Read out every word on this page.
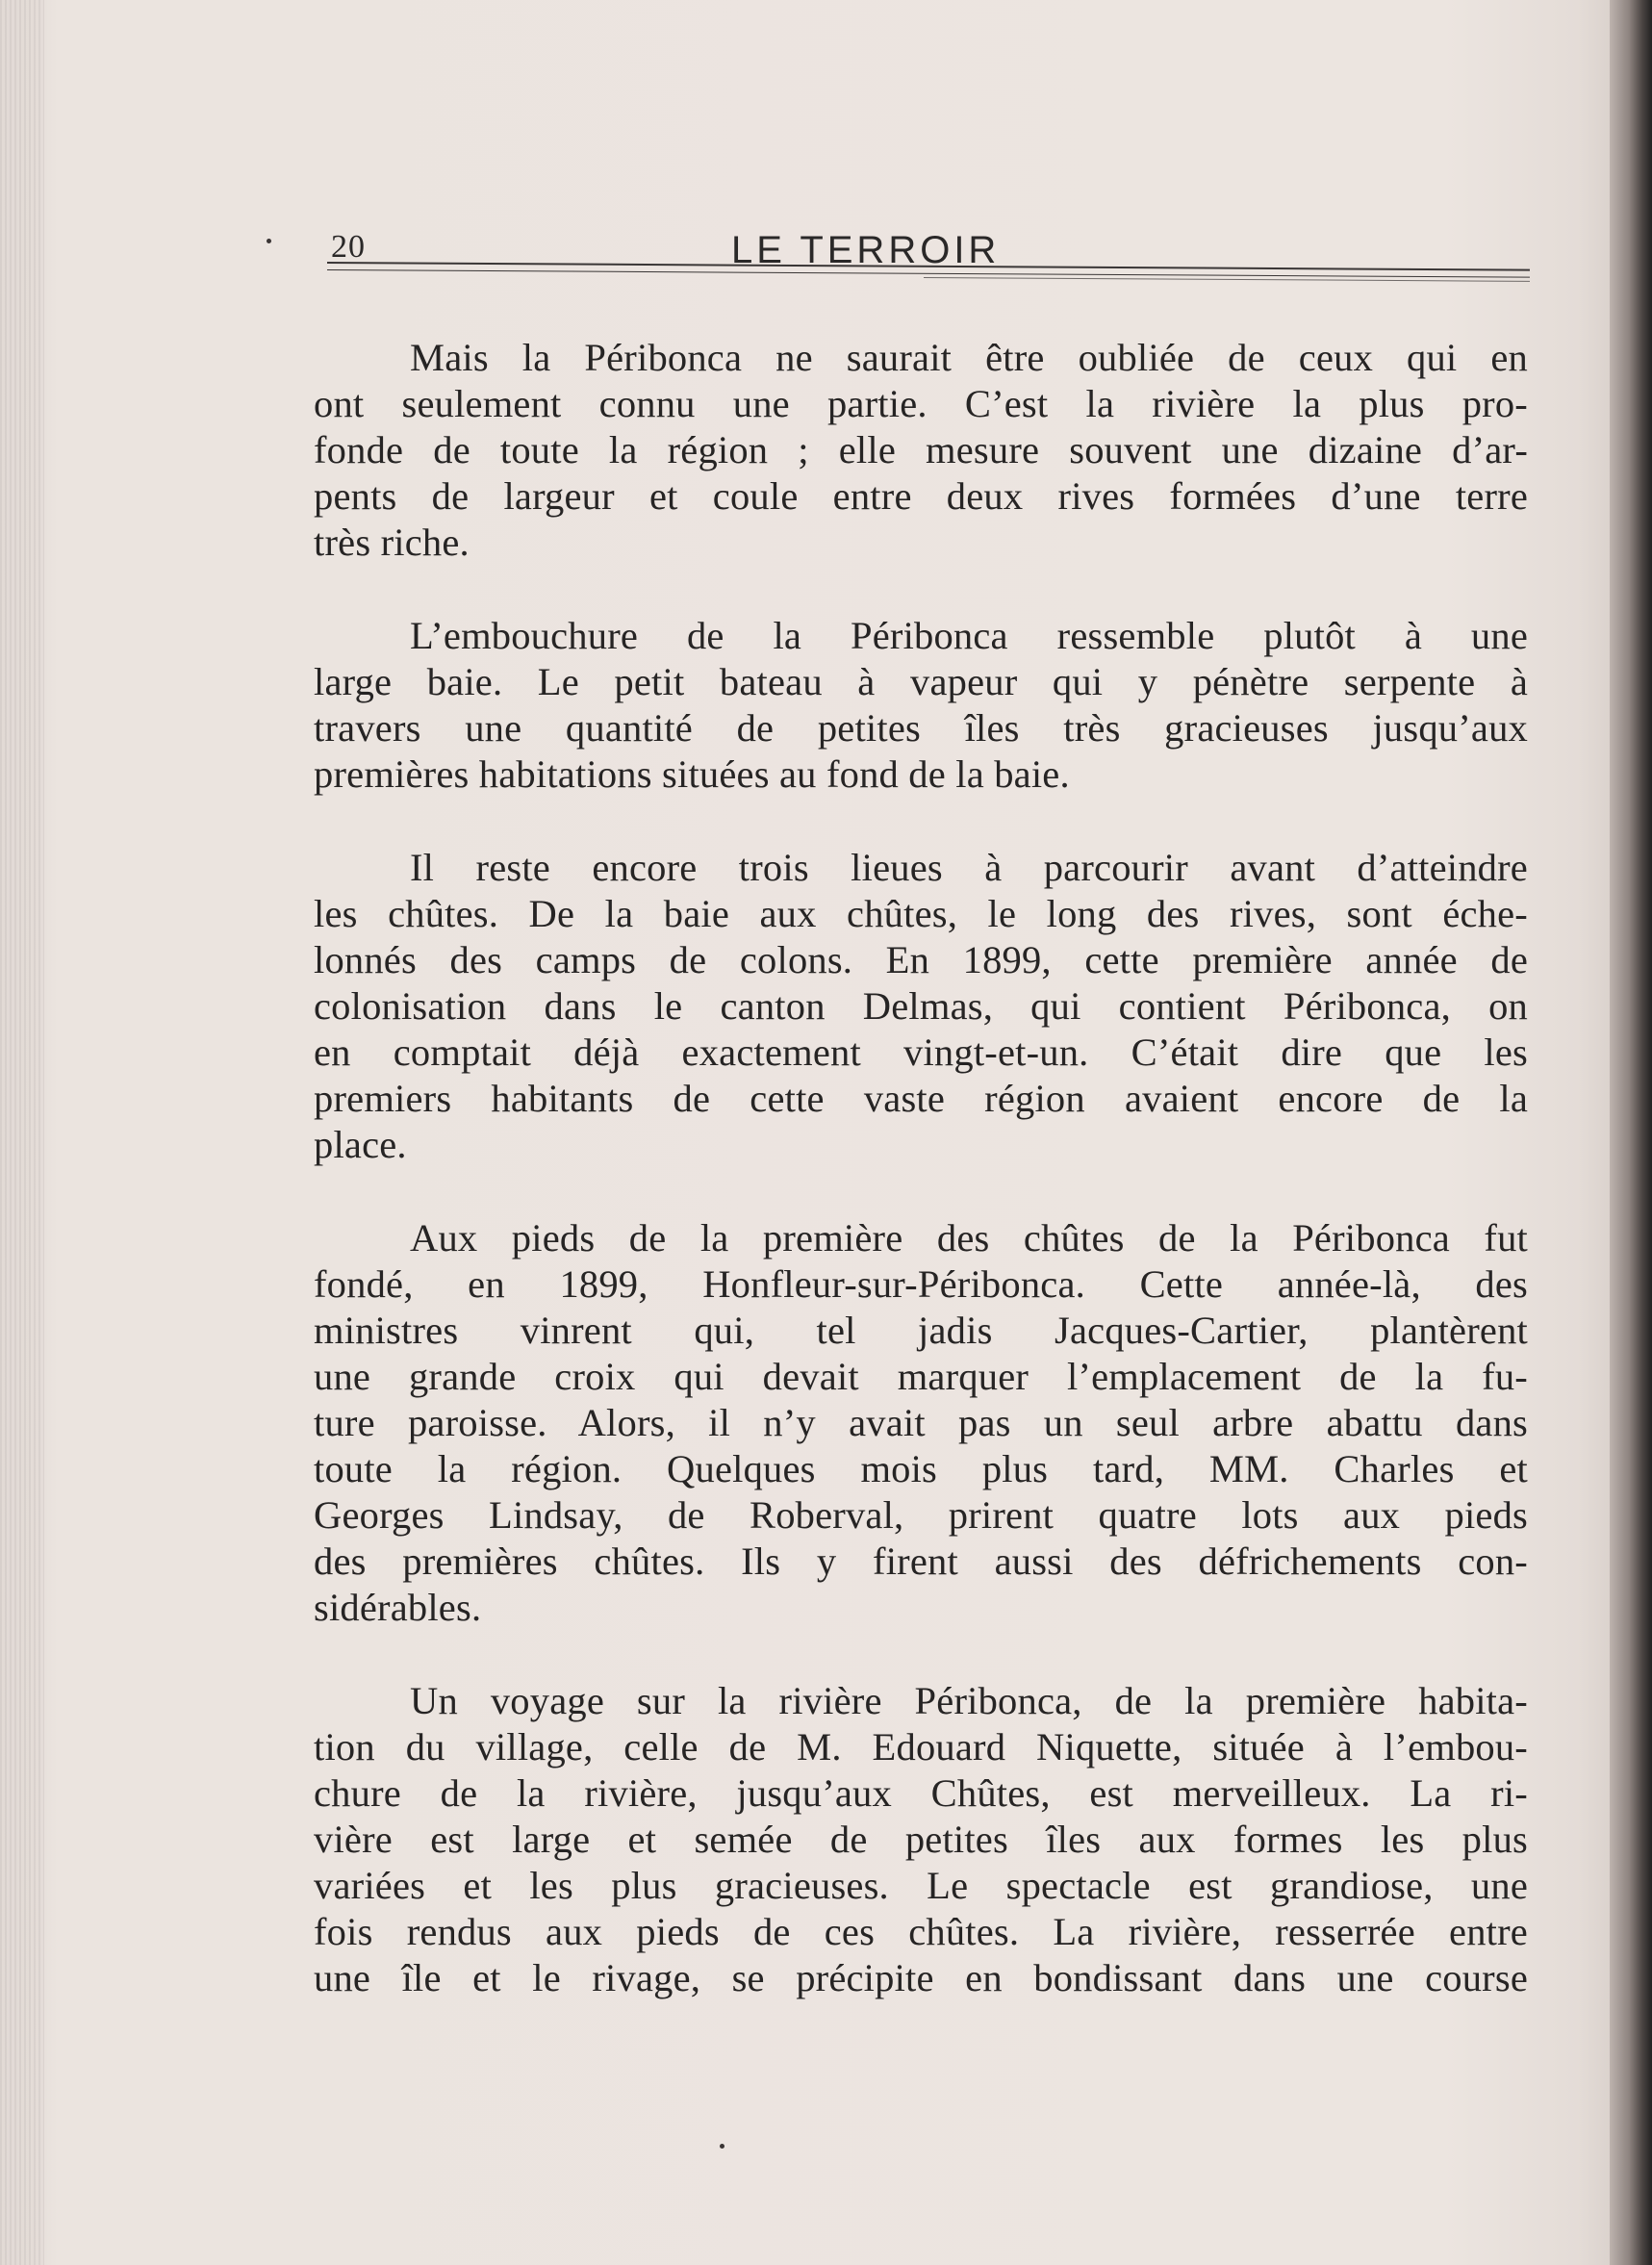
20	LE TERROIR
Mais la Péribonca ne saurait être oubliée de ceux qui en
ont seulement connu une partie. C’est la rivière la plus pro-
fonde de toute la région ; elle mesure souvent une dizaine d’ar-
pents de largeur et coule entre deux rives formées d’une terre
très riche.
L’embouchure de la Péribonca ressemble plutôt à une
large baie. Le petit bateau à vapeur qui y pénètre serpente à
travers une quantité de petites îles très gracieuses jusqu’aux
premières habitations situées au fond de la baie.
Il reste encore trois lieues à parcourir avant d’atteindre
les chûtes. De la baie aux chûtes, le long des rives, sont éche-
lonnés des camps de colons. En 1899, cette première année de
colonisation dans le canton Delmas, qui contient Péribonca, on
en comptait déjà exactement vingt-et-un. C’était dire que les
premiers habitants de cette vaste région avaient encore de la
place.
Aux pieds de la première des chûtes de la Péribonca fut
fondé, en 1899, Honfleur-sur-Péribonca. Cette année-là, des
ministres vinrent qui, tel jadis Jacques-Cartier, plantèrent
une grande croix qui devait marquer l’emplacement de la fu-
ture paroisse. Alors, il n’y avait pas un seul arbre abattu dans
toute la région. Quelques mois plus tard, MM. Charles et
Georges Lindsay, de Roberval, prirent quatre lots aux pieds
des premières chûtes. Ils y firent aussi des défrichements con-
sidérables.
Un voyage sur la rivière Péribonca, de la première habita-
tion du village, celle de M. Edouard Niquette, située à l’embou-
chure de la rivière, jusqu’aux Chûtes, est merveilleux. La ri-
vière est large et semée de petites îles aux formes les plus
variées et les plus gracieuses. Le spectacle est grandiose, une
fois rendus aux pieds de ces chûtes. La rivière, resserrée entre
une île et le rivage, se précipite en bondissant dans une course
